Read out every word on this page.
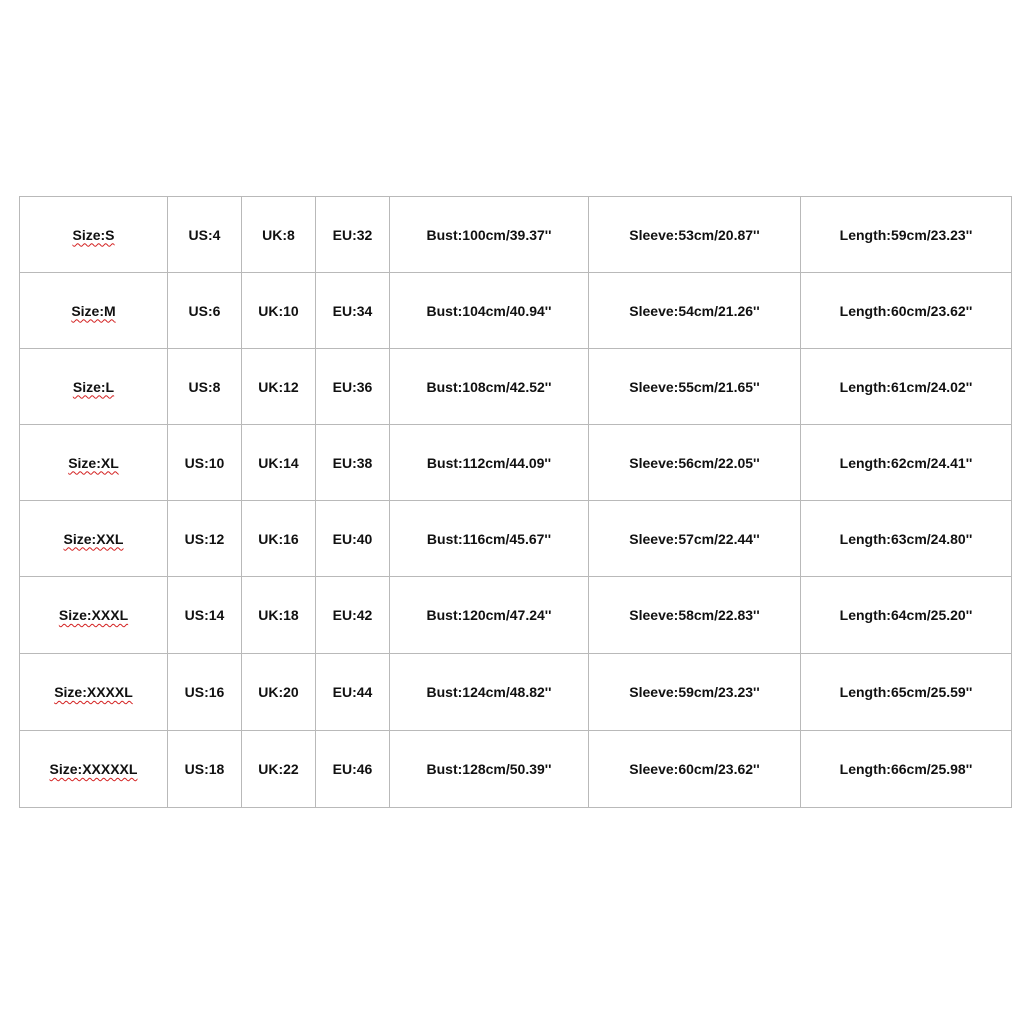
Size:S	US:4	UK:8	EU:32	Bust:100cm/39.37''	Sleeve:53cm/20.87''	Length:59cm/23.23''
Size:M	US:6	UK:10	EU:34	Bust:104cm/40.94''	Sleeve:54cm/21.26''	Length:60cm/23.62''
Size:L	US:8	UK:12	EU:36	Bust:108cm/42.52''	Sleeve:55cm/21.65''	Length:61cm/24.02''
Size:XL	US:10	UK:14	EU:38	Bust:112cm/44.09''	Sleeve:56cm/22.05''	Length:62cm/24.41''
Size:XXL	US:12	UK:16	EU:40	Bust:116cm/45.67''	Sleeve:57cm/22.44''	Length:63cm/24.80''
Size:XXXL	US:14	UK:18	EU:42	Bust:120cm/47.24''	Sleeve:58cm/22.83''	Length:64cm/25.20''
Size:XXXXL	US:16	UK:20	EU:44	Bust:124cm/48.82''	Sleeve:59cm/23.23''	Length:65cm/25.59''
Size:XXXXXL	US:18	UK:22	EU:46	Bust:128cm/50.39''	Sleeve:60cm/23.62''	Length:66cm/25.98''
